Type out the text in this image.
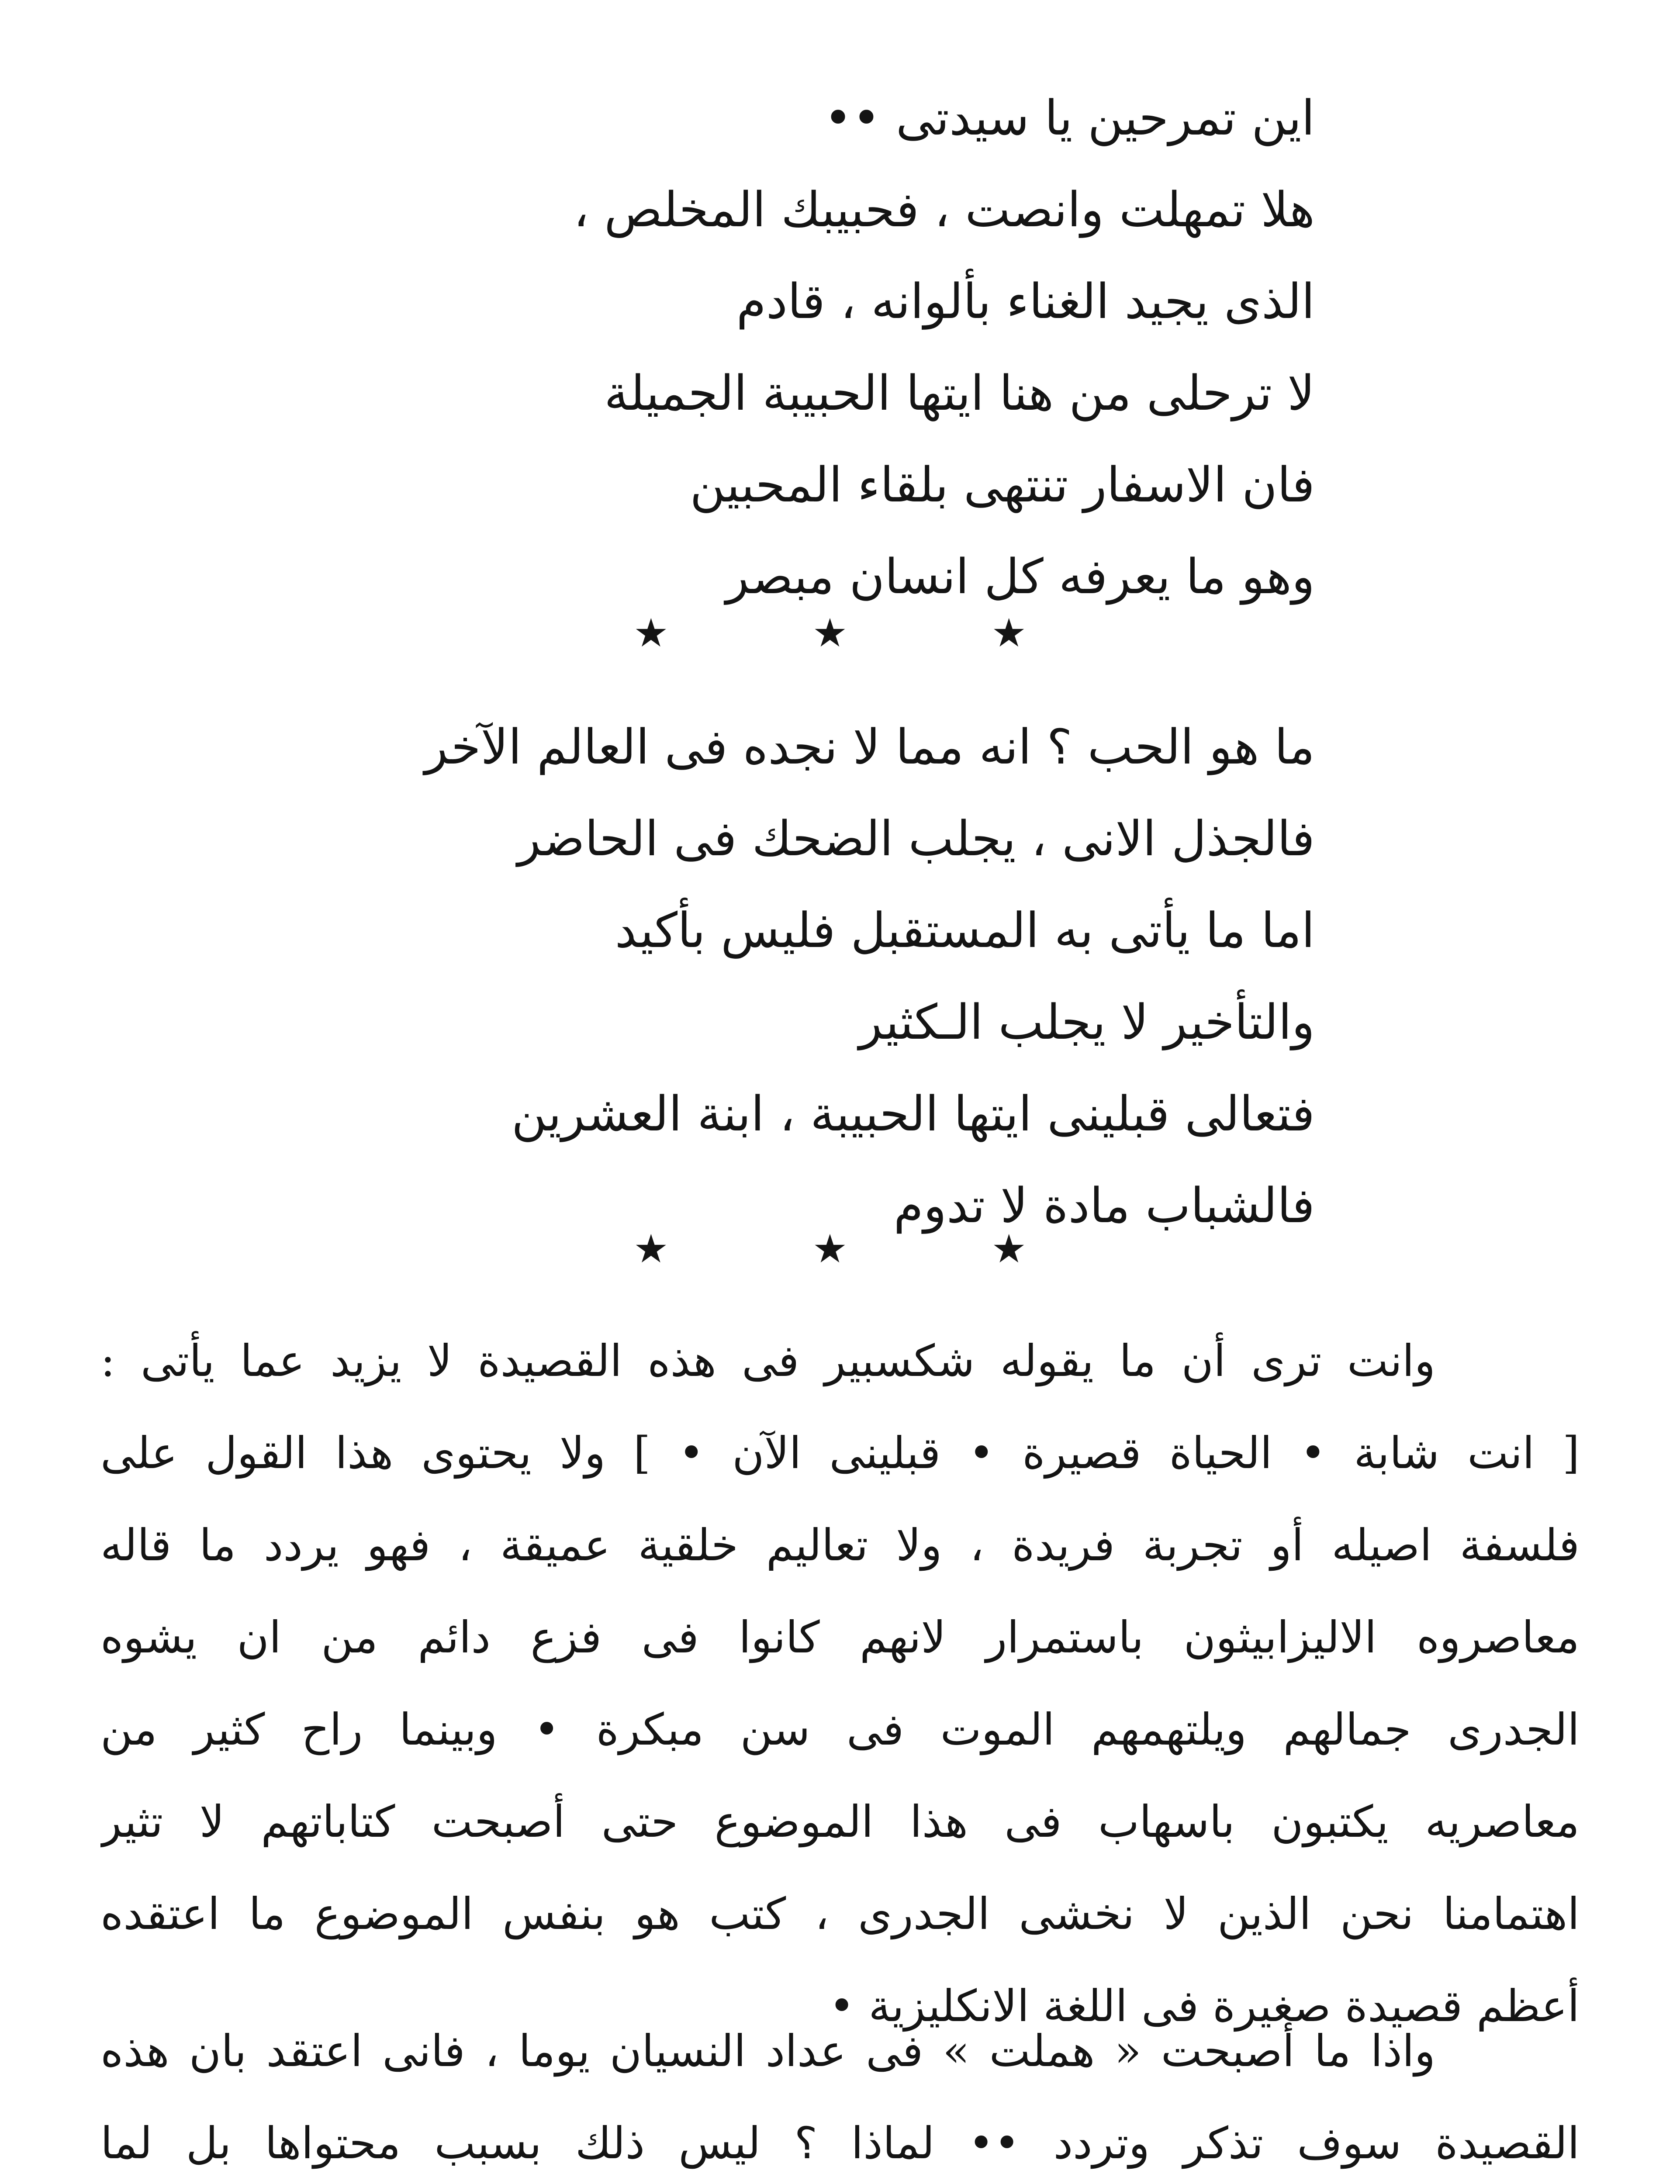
اين تمرحين يا سيدتى ••
هلا تمهلت وانصت ، فحبيبك المخلص ،
الذى يجيد الغناء بألوانه ، قادم
لا ترحلى من هنا ايتها الحبيبة الجميلة
فان الاسفار تنتهى بلقاء المحبين
وهو ما يعرفه كل انسان مبصر
★
★
★
ما هو الحب ؟ انه مما لا نجده فى العالم الآخر
فالجذل الانى ، يجلب الضحك فى الحاضر
اما ما يأتى به المستقبل فليس بأكيد
والتأخير لا يجلب الـكثير
فتعالى قبلينى ايتها الحبيبة ، ابنة العشرين
فالشباب مادة لا تدوم
★
★
★
وانت ترى أن ما يقوله شكسبير فى هذه القصيدة لا يزيد عما يأتى :
[ انت شابة • الحياة قصيرة • قبلينى الآن • ] ولا يحتوى هذا القول على
فلسفة اصيله أو تجربة فريدة ، ولا تعاليم خلقية عميقة ، فهو يردد ما قاله
معاصروه الاليزابيثون باستمرار لانهم كانوا فى فزع دائم من ان يشوه
الجدرى جمالهم ويلتهمهم الموت فى سن مبكرة • وبينما راح كثير من
معاصريه يكتبون باسهاب فى هذا الموضوع حتى أصبحت كتاباتهم لا تثير
اهتمامنا نحن الذين لا نخشى الجدرى ، كتب هو بنفس الموضوع ما اعتقده
أعظم قصيدة صغيرة فى اللغة الانكليزية •
واذا ما أصبحت « هملت » فى عداد النسيان يوما ، فانى اعتقد بان هذه
القصيدة سوف تذكر وتردد •• لماذا ؟ ليس ذلك بسبب محتواها بل لما
